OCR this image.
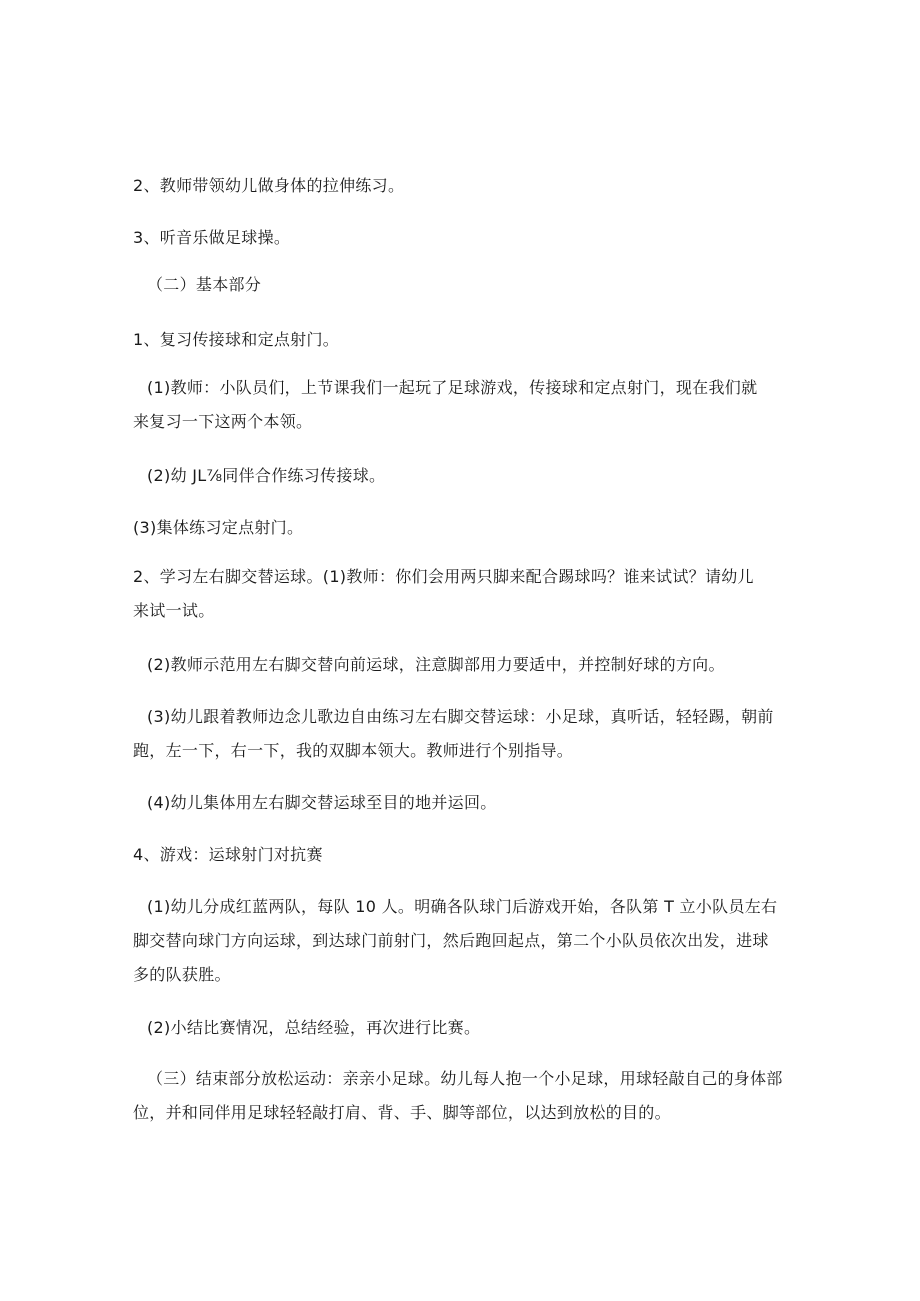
2、教师带领幼儿做身体的拉伸练习。
3、听音乐做足球操。
（二）基本部分
1、复习传接球和定点射门。
(1)教师：小队员们，上节课我们一起玩了足球游戏，传接球和定点射门，现在我们就
来复习一下这两个本领。
(2)幼 JL⅞同伴合作练习传接球。
(3)集体练习定点射门。
2、学习左右脚交替运球。(1)教师：你们会用两只脚来配合踢球吗？谁来试试？请幼儿
来试一试。
(2)教师示范用左右脚交替向前运球，注意脚部用力要适中，并控制好球的方向。
(3)幼儿跟着教师边念儿歌边自由练习左右脚交替运球：小足球，真听话，轻轻踢，朝前
跑，左一下，右一下，我的双脚本领大。教师进行个别指导。
(4)幼儿集体用左右脚交替运球至目的地并运回。
4、游戏：运球射门对抗赛
(1)幼儿分成红蓝两队，每队 10 人。明确各队球门后游戏开始，各队第 T 立小队员左右
脚交替向球门方向运球，到达球门前射门，然后跑回起点，第二个小队员依次出发，进球
多的队获胜。
(2)小结比赛情况，总结经验，再次进行比赛。
（三）结束部分放松运动：亲亲小足球。幼儿每人抱一个小足球，用球轻敲自己的身体部
位，并和同伴用足球轻轻敲打肩、背、手、脚等部位，以达到放松的目的。
